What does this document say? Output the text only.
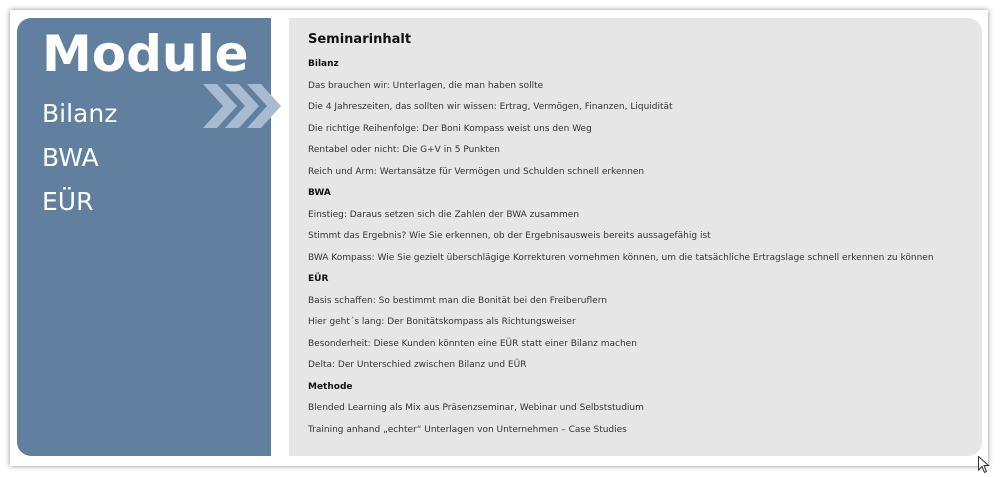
Module
Bilanz
BWA
EÜR
Seminarinhalt
Bilanz
Das brauchen wir: Unterlagen, die man haben sollte
Die 4 Jahreszeiten, das sollten wir wissen: Ertrag, Vermögen, Finanzen, Liquidität
Die richtige Reihenfolge: Der Boni Kompass weist uns den Weg
Rentabel oder nicht: Die G+V in 5 Punkten
Reich und Arm: Wertansätze für Vermögen und Schulden schnell erkennen
BWA
Einstieg: Daraus setzen sich die Zahlen der BWA zusammen
Stimmt das Ergebnis? Wie Sie erkennen, ob der Ergebnisausweis bereits aussagefähig ist
BWA Kompass: Wie Sie gezielt überschlägige Korrekturen vornehmen können, um die tatsächliche Ertragslage schnell erkennen zu können
EÜR
Basis schaffen: So bestimmt man die Bonität bei den Freiberuflern
Hier geht´s lang: Der Bonitätskompass als Richtungsweiser
Besonderheit: Diese Kunden könnten eine EÜR statt einer Bilanz machen
Delta: Der Unterschied zwischen Bilanz und EÜR
Methode
Blended Learning als Mix aus Präsenzseminar, Webinar und Selbststudium
Training anhand „echter“ Unterlagen von Unternehmen – Case Studies
